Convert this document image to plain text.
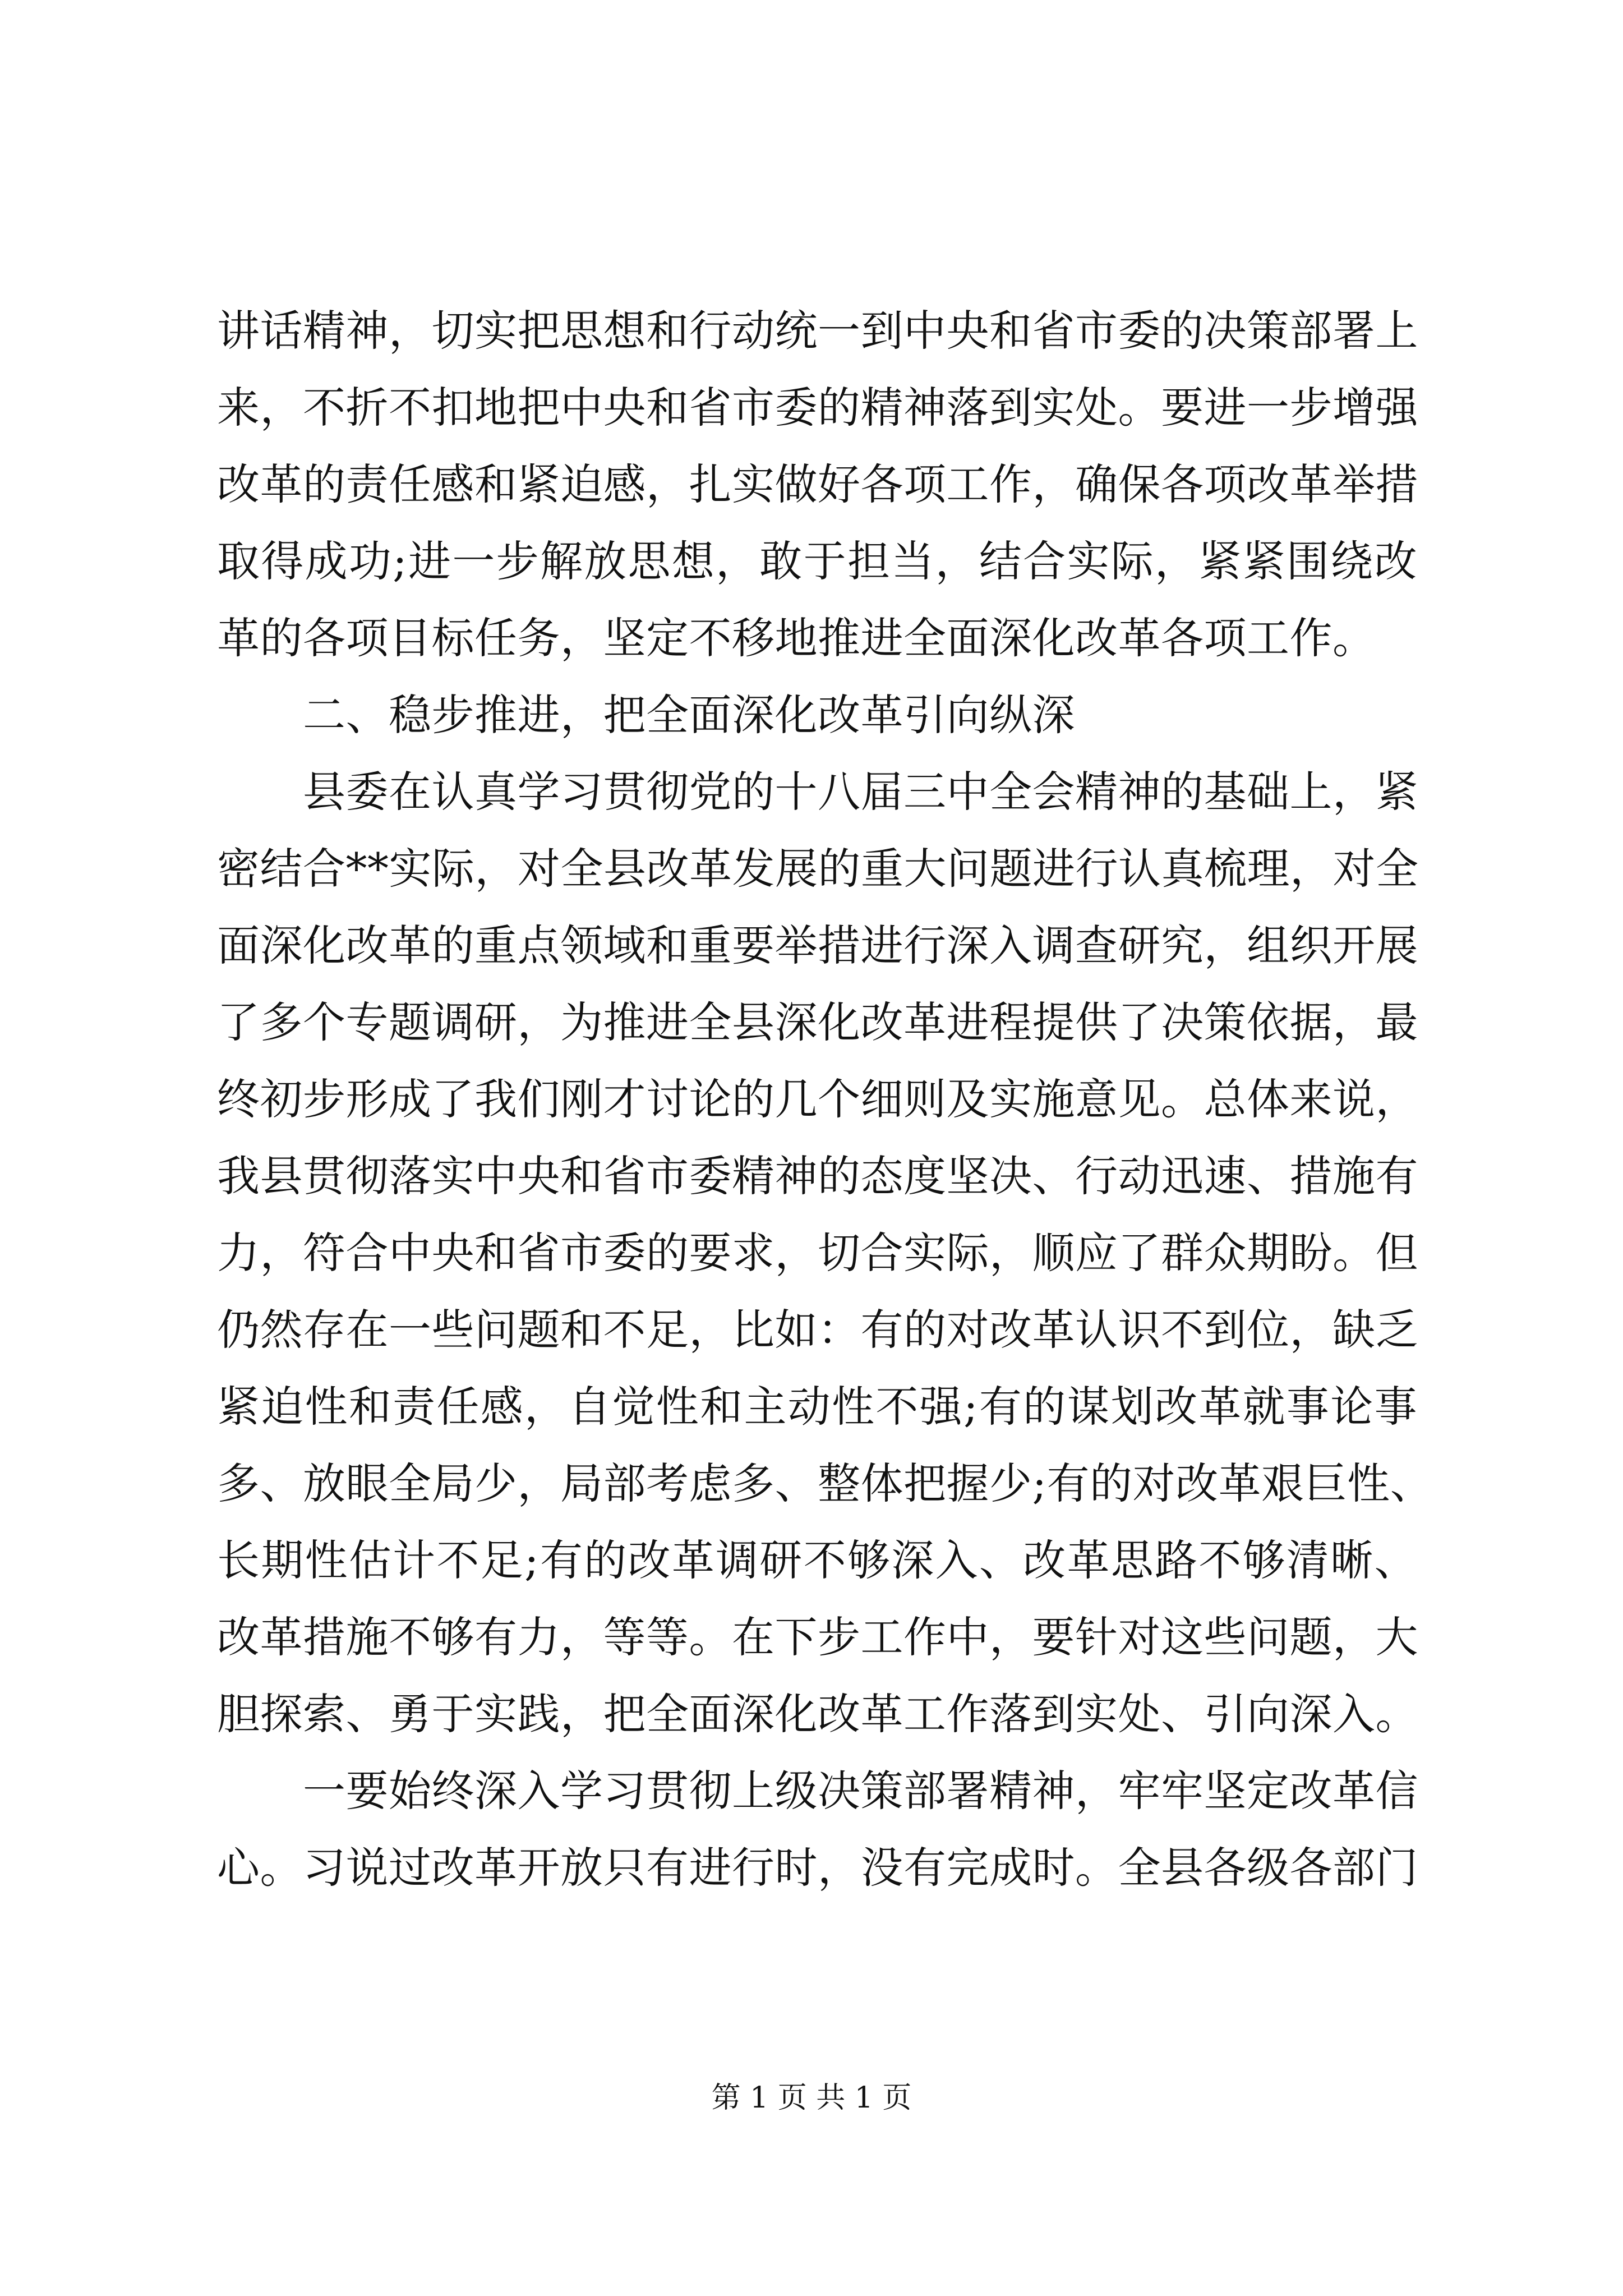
讲话精神，切实把思想和行动统一到中央和省市委的决策部署上
来，不折不扣地把中央和省市委的精神落到实处。要进一步增强
改革的责任感和紧迫感，扎实做好各项工作，确保各项改革举措
取得成功;进一步解放思想，敢于担当，结合实际，紧紧围绕改
革的各项目标任务，坚定不移地推进全面深化改革各项工作。
二、稳步推进，把全面深化改革引向纵深
县委在认真学习贯彻党的十八届三中全会精神的基础上，紧
密结合**实际，对全县改革发展的重大问题进行认真梳理，对全
面深化改革的重点领域和重要举措进行深入调查研究，组织开展
了多个专题调研，为推进全县深化改革进程提供了决策依据，最
终初步形成了我们刚才讨论的几个细则及实施意见。总体来说，
我县贯彻落实中央和省市委精神的态度坚决、行动迅速、措施有
力，符合中央和省市委的要求，切合实际，顺应了群众期盼。但
仍然存在一些问题和不足，比如：有的对改革认识不到位，缺乏
紧迫性和责任感，自觉性和主动性不强;有的谋划改革就事论事
多、放眼全局少，局部考虑多、整体把握少;有的对改革艰巨性、
长期性估计不足;有的改革调研不够深入、改革思路不够清晰、
改革措施不够有力，等等。在下步工作中，要针对这些问题，大
胆探索、勇于实践，把全面深化改革工作落到实处、引向深入。
一要始终深入学习贯彻上级决策部署精神，牢牢坚定改革信
心。习说过改革开放只有进行时，没有完成时。全县各级各部门
第 1 页 共 1 页
